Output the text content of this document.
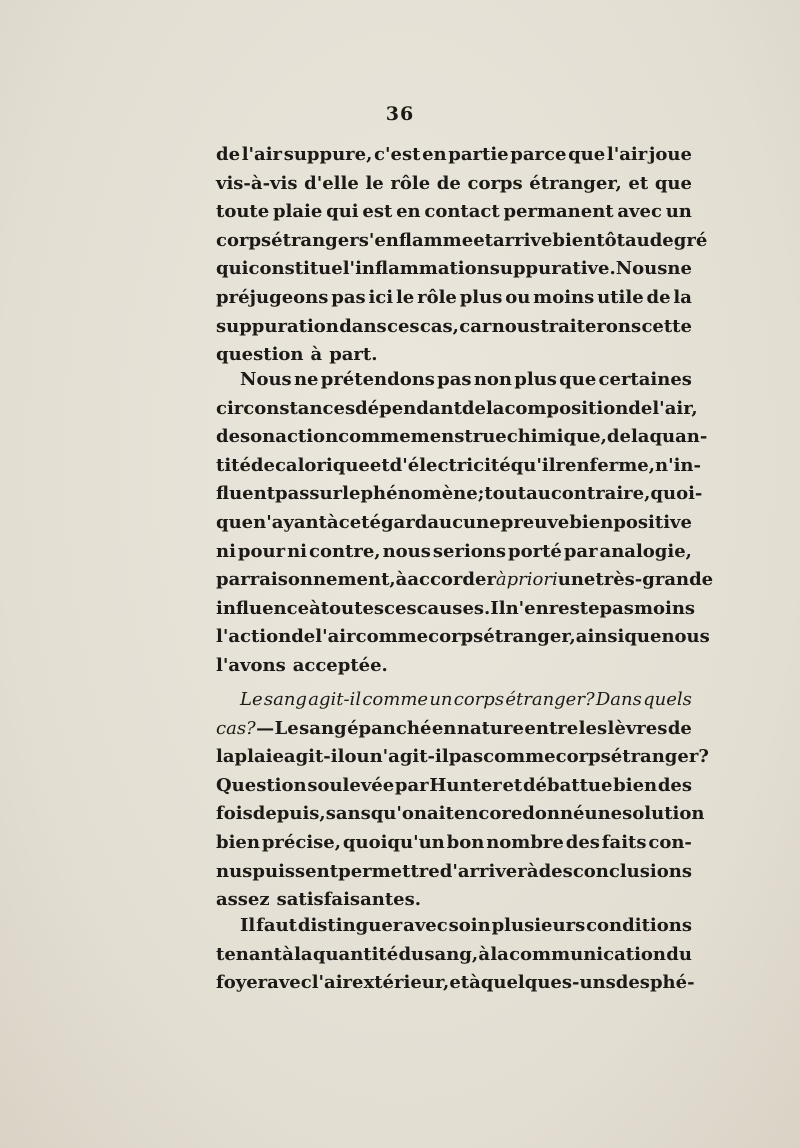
36
de l'air suppure, c'est en partie parce que l'air joue
vis-à-vis d'elle le rôle de corps étranger, et que
toute plaie qui est en contact permanent avec un
corps étranger s'enflamme et arrive bientôt au degré
qui constitue l'inflammation suppurative. Nous ne
préjugeons pas ici le rôle plus ou moins utile de la
suppuration dans ces cas, car nous traiterons cette
question à part.
Nous ne prétendons pas non plus que certaines
circonstances dépendant de la composition de l'air,
de son action comme menstrue chimique, de la quan-
tité de calorique et d'électricité qu'il renferme, n'in-
fluent pas sur le phénomène; tout au contraire, quoi-
que n'ayant à cet égard aucune preuve bien positive
ni pour ni contre, nous serions porté par analogie,
par raisonnement, à accorder à priori une très-grande
influence à toutes ces causes. Il n'en reste pas moins
l'action de l'air comme corps étranger, ainsi que nous
l'avons acceptée.
Le sang agit-il comme un corps étranger? Dans quels
cas? — Le sang épanché en nature entre les lèvres de
la plaie agit-il ou n'agit-il pas comme corps étranger?
Question soulevée par Hunter et débattue bien des
fois depuis, sans qu'on ait encore donné une solution
bien précise, quoiqu'un bon nombre des faits con-
nus puissent permettre d'arriver à des conclusions
assez satisfaisantes.
Il faut distinguer avec soin plusieurs conditions
tenant à la quantité du sang, à la communication du
foyer avec l'air extérieur, et à quelques-uns des phé-
